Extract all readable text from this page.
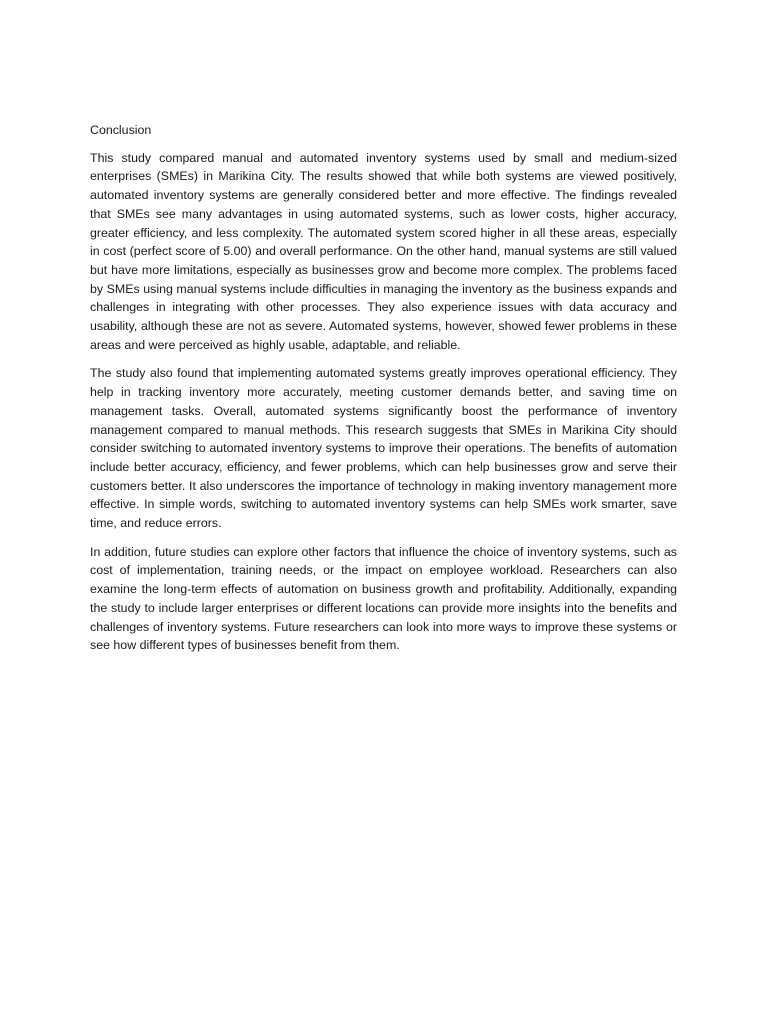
Conclusion

This study compared manual and automated inventory systems used by small and medium-sized enterprises (SMEs) in Marikina City. The results showed that while both systems are viewed positively, automated inventory systems are generally considered better and more effective. The findings revealed that SMEs see many advantages in using automated systems, such as lower costs, higher accuracy, greater efficiency, and less complexity. The automated system scored higher in all these areas, especially in cost (perfect score of 5.00) and overall performance. On the other hand, manual systems are still valued but have more limitations, especially as businesses grow and become more complex. The problems faced by SMEs using manual systems include difficulties in managing the inventory as the business expands and challenges in integrating with other processes. They also experience issues with data accuracy and usability, although these are not as severe. Automated systems, however, showed fewer problems in these areas and were perceived as highly usable, adaptable, and reliable.

The study also found that implementing automated systems greatly improves operational efficiency. They help in tracking inventory more accurately, meeting customer demands better, and saving time on management tasks. Overall, automated systems significantly boost the performance of inventory management compared to manual methods. This research suggests that SMEs in Marikina City should consider switching to automated inventory systems to improve their operations. The benefits of automation include better accuracy, efficiency, and fewer problems, which can help businesses grow and serve their customers better. It also underscores the importance of technology in making inventory management more effective. In simple words, switching to automated inventory systems can help SMEs work smarter, save time, and reduce errors.

In addition, future studies can explore other factors that influence the choice of inventory systems, such as cost of implementation, training needs, or the impact on employee workload. Researchers can also examine the long-term effects of automation on business growth and profitability. Additionally, expanding the study to include larger enterprises or different locations can provide more insights into the benefits and challenges of inventory systems. Future researchers can look into more ways to improve these systems or see how different types of businesses benefit from them.
